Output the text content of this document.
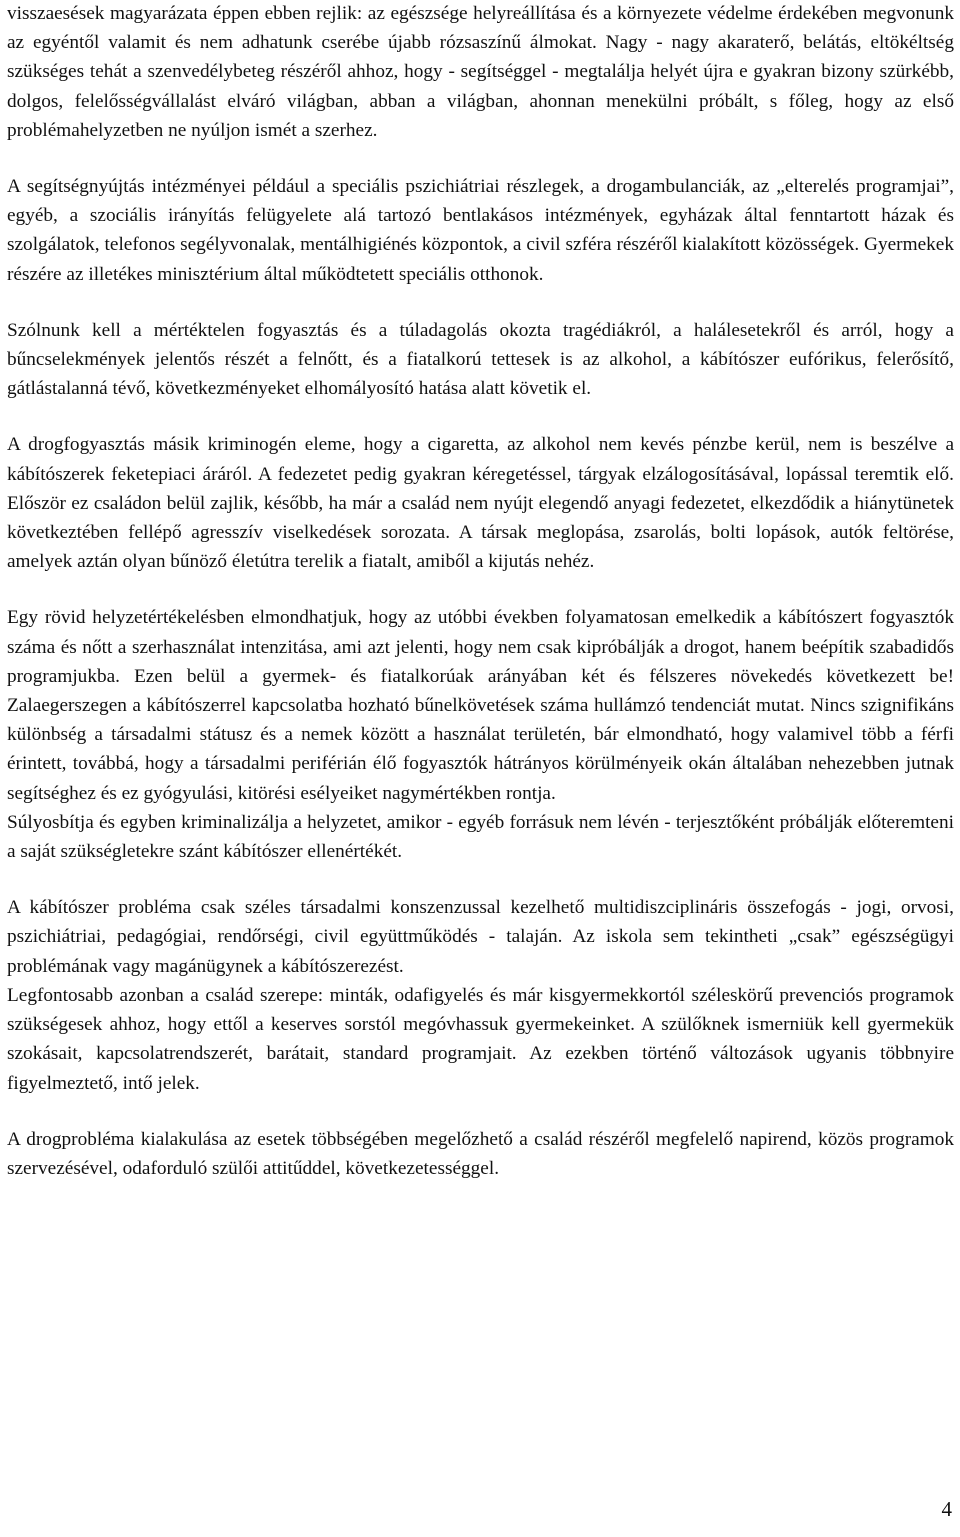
visszaesések magyarázata éppen ebben rejlik: az egészsége helyreállítása és a környezete védelme érdekében megvonunk az egyéntől valamit és nem adhatunk cserébe újabb rózsaszínű álmokat. Nagy - nagy akaraterő, belátás, eltökéltség szükséges tehát a szenvedélybeteg részéről ahhoz, hogy - segítséggel - megtalálja helyét újra e gyakran bizony szürkébb, dolgos, felelősségvállalást elváró világban, abban a világban, ahonnan menekülni próbált, s főleg, hogy az első problémahelyzetben ne nyúljon ismét a szerhez.

A segítségnyújtás intézményei például a speciális pszichiátriai részlegek, a drogambulanciák, az „elterelés programjai”, egyéb, a szociális irányítás felügyelete alá tartozó bentlakásos intézmények, egyházak által fenntartott házak és szolgálatok, telefonos segélyvonalak, mentálhigiénés központok, a civil szféra részéről kialakított közösségek. Gyermekek részére az illetékes minisztérium által működtetett speciális otthonok.

Szólnunk kell a mértéktelen fogyasztás és a túladagolás okozta tragédiákról, a halálesetekről és arról, hogy a bűncselekmények jelentős részét a felnőtt, és a fiatalkorú tettesek is az alkohol, a kábítószer eufórikus, felerősítő, gátlástalanná tévő, következményeket elhomályosító hatása alatt követik el.

A drogfogyasztás másik kriminogén eleme, hogy a cigaretta, az alkohol nem kevés pénzbe kerül, nem is beszélve a kábítószerek feketepiaci áráról. A fedezetet pedig gyakran kéregetéssel, tárgyak elzálogosításával, lopással teremtik elő. Először ez családon belül zajlik, később, ha már a család nem nyújt elegendő anyagi fedezetet, elkezdődik a hiánytünetek következtében fellépő agresszív viselkedések sorozata. A társak meglopása, zsarolás, bolti lopások, autók feltörése, amelyek aztán olyan bűnöző életútra terelik a fiatalt, amiből a kijutás nehéz.

Egy rövid helyzetértékelésben elmondhatjuk, hogy az utóbbi években folyamatosan emelkedik a kábítószert fogyasztók száma és nőtt a szerhasználat intenzitása, ami azt jelenti, hogy nem csak kipróbálják a drogot, hanem beépítik szabadidős programjukba. Ezen belül a gyermek- és fiatalkorúak arányában két és félszeres növekedés következett be! Zalaegerszegen a kábítószerrel kapcsolatba hozható bűnelkövetések száma hullámzó tendenciát mutat. Nincs szignifikáns különbség a társadalmi státusz és a nemek között a használat területén, bár elmondható, hogy valamivel több a férfi érintett, továbbá, hogy a társadalmi periférián élő fogyasztók hátrányos körülményeik okán általában nehezebben jutnak segítséghez és ez gyógyulási, kitörési esélyeiket nagymértékben rontja.

Súlyosbítja és egyben kriminalizálja a helyzetet, amikor - egyéb forrásuk nem lévén - terjesztőként próbálják előteremteni a saját szükségletekre szánt kábítószer ellenértékét.

A kábítószer probléma csak széles társadalmi konszenzussal kezelhető multidiszciplináris összefogás - jogi, orvosi, pszichiátriai, pedagógiai, rendőrségi, civil együttműködés - talaján. Az iskola sem tekintheti „csak” egészségügyi problémának vagy magánügynek a kábítószerezést.

Legfontosabb azonban a család szerepe: minták, odafigyelés és már kisgyermekkortól széleskörű prevenciós programok szükségesek ahhoz, hogy ettől a keserves sorstól megóvhassuk gyermekeinket. A szülőknek ismerniük kell gyermekük szokásait, kapcsolatrendszerét, barátait, standard programjait. Az ezekben történő változások ugyanis többnyire figyelmeztető, intő jelek.

A drogprobléma kialakulása az esetek többségében megelőzhető a család részéről megfelelő napirend, közös programok szervezésével, odaforduló szülői attitűddel, következetességgel.

4
